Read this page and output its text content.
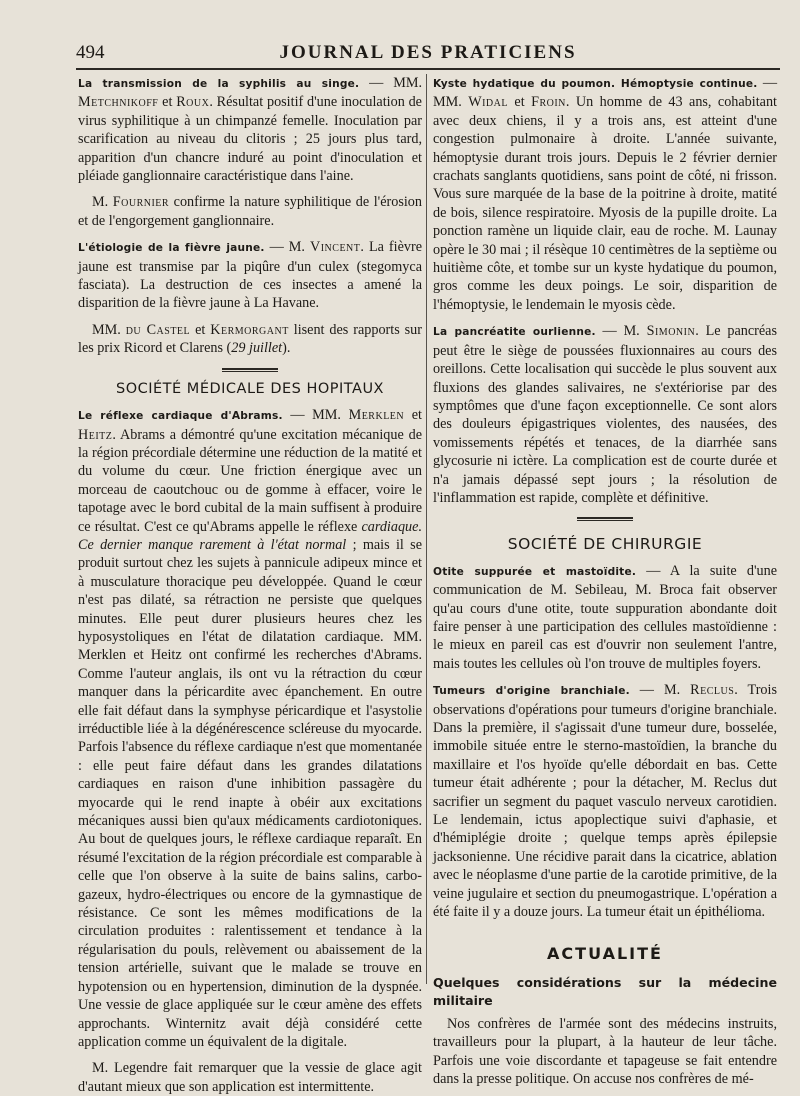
494	JOURNAL DES PRATICIENS

La transmission de la syphilis au singe. — MM. Metchnikoff et Roux. Résultat positif d'une inoculation de virus syphilitique à un chimpanzé femelle. Inoculation par scarification au niveau du clitoris ; 25 jours plus tard, apparition d'un chancre induré au point d'inoculation et pléiade ganglionnaire caractéristique dans l'aine.

M. Fournier confirme la nature syphilitique de l'érosion et de l'engorgement ganglionnaire.

L'étiologie de la fièvre jaune. — M. Vincent. La fièvre jaune est transmise par la piqûre d'un culex (stegomyca fasciata). La destruction de ces insectes a amené la disparition de la fièvre jaune à La Havane.

MM. du Castel et Kermorgant lisent des rapports sur les prix Ricord et Clarens (29 juillet).

SOCIÉTÉ MÉDICALE DES HOPITAUX

Le réflexe cardiaque d'Abrams. — MM. Merklen et Heitz. Abrams a démontré qu'une excitation mécanique de la région précordiale détermine une réduction de la matité et du volume du cœur. Une friction énergique avec un morceau de caoutchouc ou de gomme à effacer, voire le tapotage avec le bord cubital de la main suffisent à produire ce résultat. C'est ce qu'Abrams appelle le réflexe cardiaque. Ce dernier manque rarement à l'état normal ; mais il se produit surtout chez les sujets à pannicule adipeux mince et à musculature thoracique peu développée. Quand le cœur n'est pas dilaté, sa rétraction ne persiste que quelques minutes. Elle peut durer plusieurs heures chez les hyposystoliques en l'état de dilatation cardiaque. MM. Merklen et Heitz ont confirmé les recherches d'Abrams. Comme l'auteur anglais, ils ont vu la rétraction du cœur manquer dans la péricardite avec épanchement. En outre elle fait défaut dans la symphyse péricardique et l'asystolie irréductible liée à la dégénérescence scléreuse du myocarde. Parfois l'absence du réflexe cardiaque n'est que momentanée : elle peut faire défaut dans les grandes dilatations cardiaques en raison d'une inhibition passagère du myocarde qui le rend inapte à obéir aux excitations mécaniques aussi bien qu'aux médicaments cardiotoniques. Au bout de quelques jours, le réflexe cardiaque reparaît. En résumé l'excitation de la région précordiale est comparable à celle que l'on observe à la suite de bains salins, carbo-gazeux, hydro-électriques ou encore de la gymnastique de résistance. Ce sont les mêmes modifications de la circulation produites : ralentissement et tendance à la régularisation du pouls, relèvement ou abaissement de la tension artérielle, suivant que le malade se trouve en hypotension ou en hypertension, diminution de la dyspnée. Une vessie de glace appliquée sur le cœur amène des effets approchants. Winternitz avait déjà considéré cette application comme un équivalent de la digitale.

M. Legendre fait remarquer que la vessie de glace agit d'autant mieux que son application est intermittente.

Kyste hydatique du poumon. Hémoptysie continue. — MM. Widal et Froin. Un homme de 43 ans, cohabitant avec deux chiens, il y a trois ans, est atteint d'une congestion pulmonaire à droite. L'année suivante, hémoptysie durant trois jours. Depuis le 2 février dernier crachats sanglants quotidiens, sans point de côté, ni frisson. Vous sure marquée de la base de la poitrine à droite, matité de bois, silence respiratoire. Myosis de la pupille droite. La ponction ramène un liquide clair, eau de roche. M. Launay opère le 30 mai ; il résèque 10 centimètres de la septième ou huitième côte, et tombe sur un kyste hydatique du poumon, gros comme les deux poings. Le soir, disparition de l'hémoptysie, le lendemain le myosis cède.

La pancréatite ourlienne. — M. Simonin. Le pancréas peut être le siège de poussées fluxionnaires au cours des oreillons. Cette localisation qui succède le plus souvent aux fluxions des glandes salivaires, ne s'extériorise par des symptômes que d'une façon exceptionnelle. Ce sont alors des douleurs épigastriques violentes, des nausées, des vomissements répétés et tenaces, de la diarrhée sans glycosurie ni ictère. La complication est de courte durée et n'a jamais dépassé sept jours ; la résolution de l'inflammation est rapide, complète et définitive.

SOCIÉTÉ DE CHIRURGIE

Otite suppurée et mastoïdite. — A la suite d'une communication de M. Sebileau, M. Broca fait observer qu'au cours d'une otite, toute suppuration abondante doit faire penser à une participation des cellules mastoïdienne : le mieux en pareil cas est d'ouvrir non seulement l'antre, mais toutes les cellules où l'on trouve de multiples foyers.

Tumeurs d'origine branchiale. — M. Reclus. Trois observations d'opérations pour tumeurs d'origine branchiale. Dans la première, il s'agissait d'une tumeur dure, bosselée, immobile située entre le sterno-mastoïdien, la branche du maxillaire et l'os hyoïde qu'elle débordait en bas. Cette tumeur était adhérente ; pour la détacher, M. Reclus dut sacrifier un segment du paquet vasculo nerveux carotidien. Le lendemain, ictus apoplectique suivi d'aphasie, et d'hémiplégie droite ; quelque temps après épilepsie jacksonienne. Une récidive parait dans la cicatrice, ablation avec le néoplasme d'une partie de la carotide primitive, de la veine jugulaire et section du pneumogastrique. L'opération a été faite il y a douze jours. La tumeur était un épithélioma.

ACTUALITÉ
Quelques considérations sur la médecine militaire

Nos confrères de l'armée sont des médecins instruits, travailleurs pour la plupart, à la hauteur de leur tâche. Parfois une voie discordante et tapageuse se fait entendre dans la presse politique. On accuse nos confrères de mé-
